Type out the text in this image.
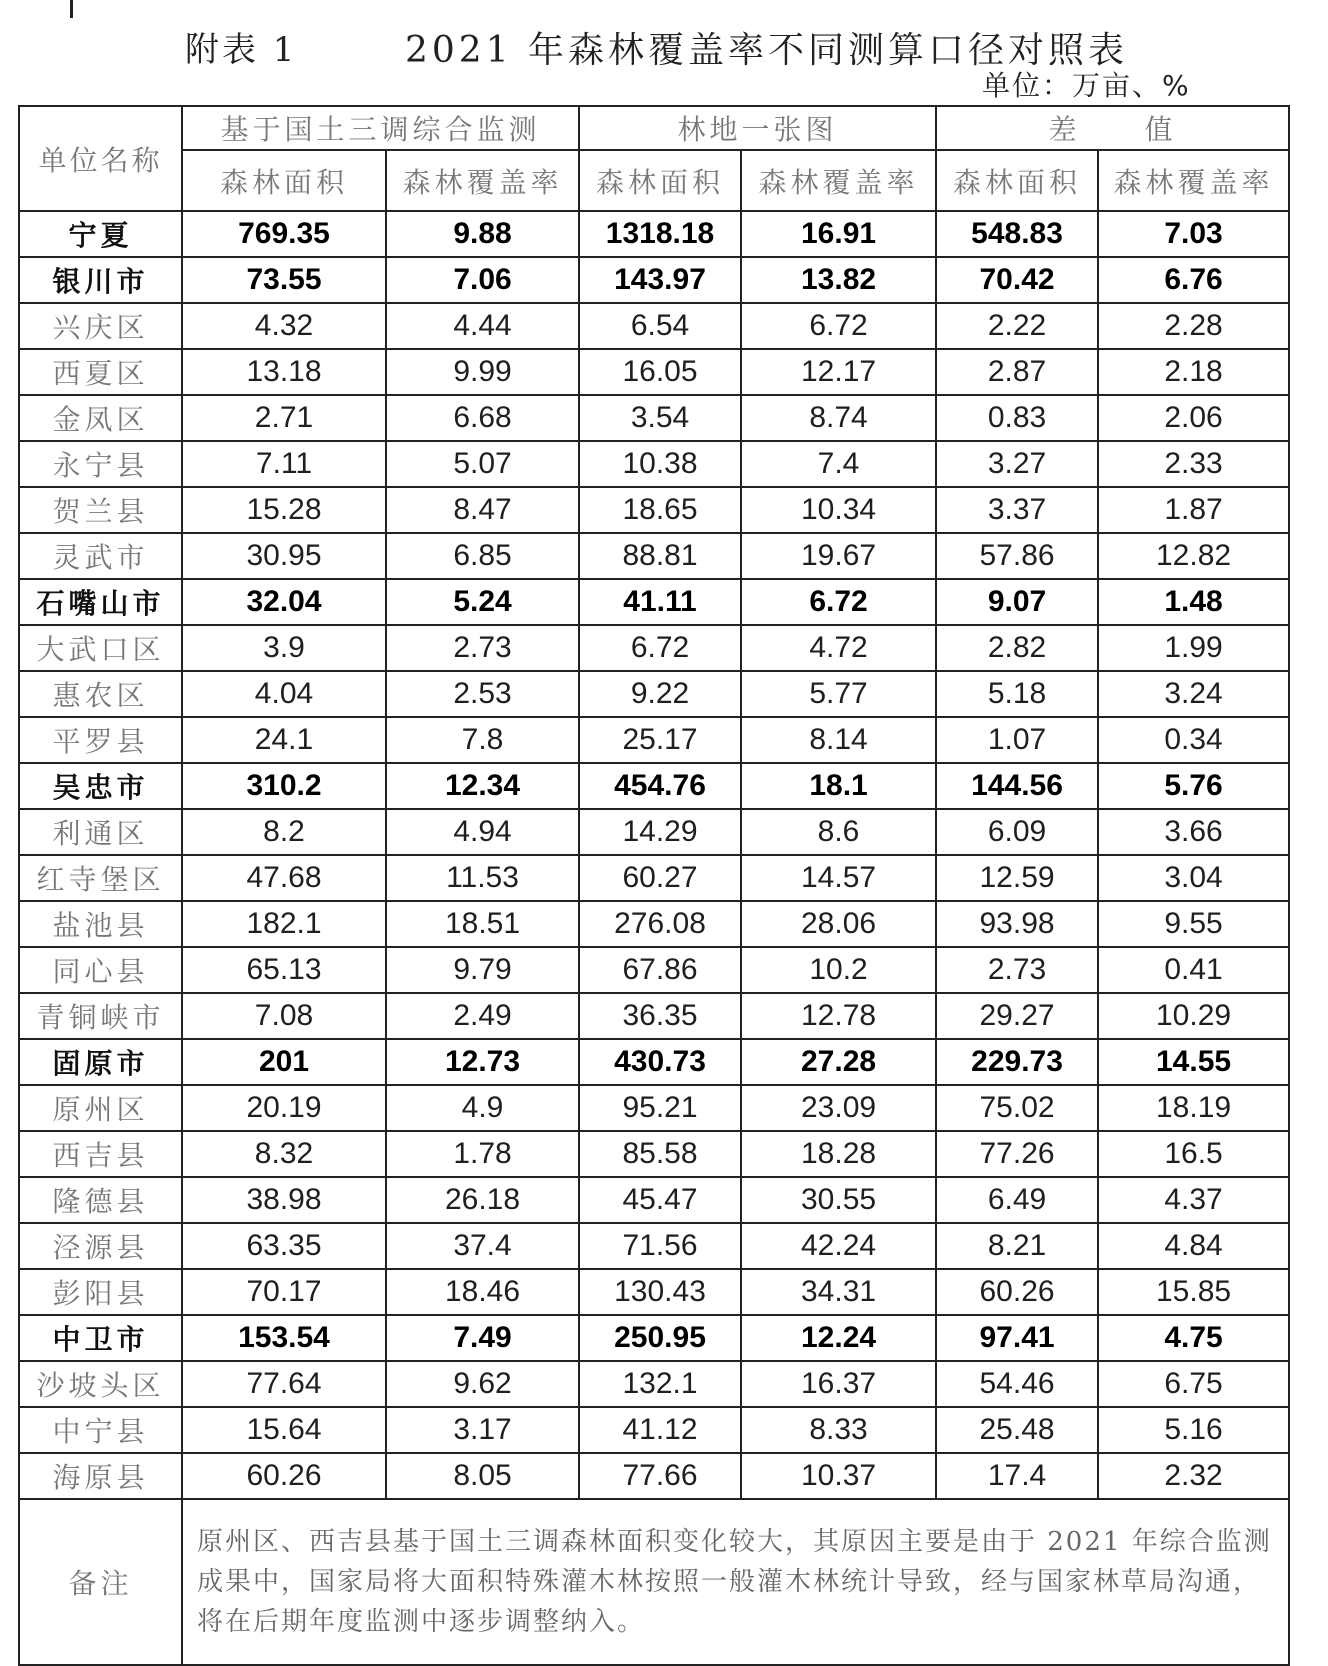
附表 1	2021 年森林覆盖率不同测算口径对照表
单位：万亩、%
单位名称	基于国土三调综合监测		林地一张图		差　　值	
	森林面积	森林覆盖率	森林面积	森林覆盖率	森林面积	森林覆盖率
宁夏	769.35	9.88	1318.18	16.91	548.83	7.03
银川市	73.55	7.06	143.97	13.82	70.42	6.76
兴庆区	4.32	4.44	6.54	6.72	2.22	2.28
西夏区	13.18	9.99	16.05	12.17	2.87	2.18
金凤区	2.71	6.68	3.54	8.74	0.83	2.06
永宁县	7.11	5.07	10.38	7.4	3.27	2.33
贺兰县	15.28	8.47	18.65	10.34	3.37	1.87
灵武市	30.95	6.85	88.81	19.67	57.86	12.82
石嘴山市	32.04	5.24	41.11	6.72	9.07	1.48
大武口区	3.9	2.73	6.72	4.72	2.82	1.99
惠农区	4.04	2.53	9.22	5.77	5.18	3.24
平罗县	24.1	7.8	25.17	8.14	1.07	0.34
吴忠市	310.2	12.34	454.76	18.1	144.56	5.76
利通区	8.2	4.94	14.29	8.6	6.09	3.66
红寺堡区	47.68	11.53	60.27	14.57	12.59	3.04
盐池县	182.1	18.51	276.08	28.06	93.98	9.55
同心县	65.13	9.79	67.86	10.2	2.73	0.41
青铜峡市	7.08	2.49	36.35	12.78	29.27	10.29
固原市	201	12.73	430.73	27.28	229.73	14.55
原州区	20.19	4.9	95.21	23.09	75.02	18.19
西吉县	8.32	1.78	85.58	18.28	77.26	16.5
隆德县	38.98	26.18	45.47	30.55	6.49	4.37
泾源县	63.35	37.4	71.56	42.24	8.21	4.84
彭阳县	70.17	18.46	130.43	34.31	60.26	15.85
中卫市	153.54	7.49	250.95	12.24	97.41	4.75
沙坡头区	77.64	9.62	132.1	16.37	54.46	6.75
中宁县	15.64	3.17	41.12	8.33	25.48	5.16
海原县	60.26	8.05	77.66	10.37	17.4	2.32
备注	原州区、西吉县基于国土三调森林面积变化较大，其原因主要是由于 2021 年综合监测成果中，国家局将大面积特殊灌木林按照一般灌木林统计导致，经与国家林草局沟通，将在后期年度监测中逐步调整纳入。					
